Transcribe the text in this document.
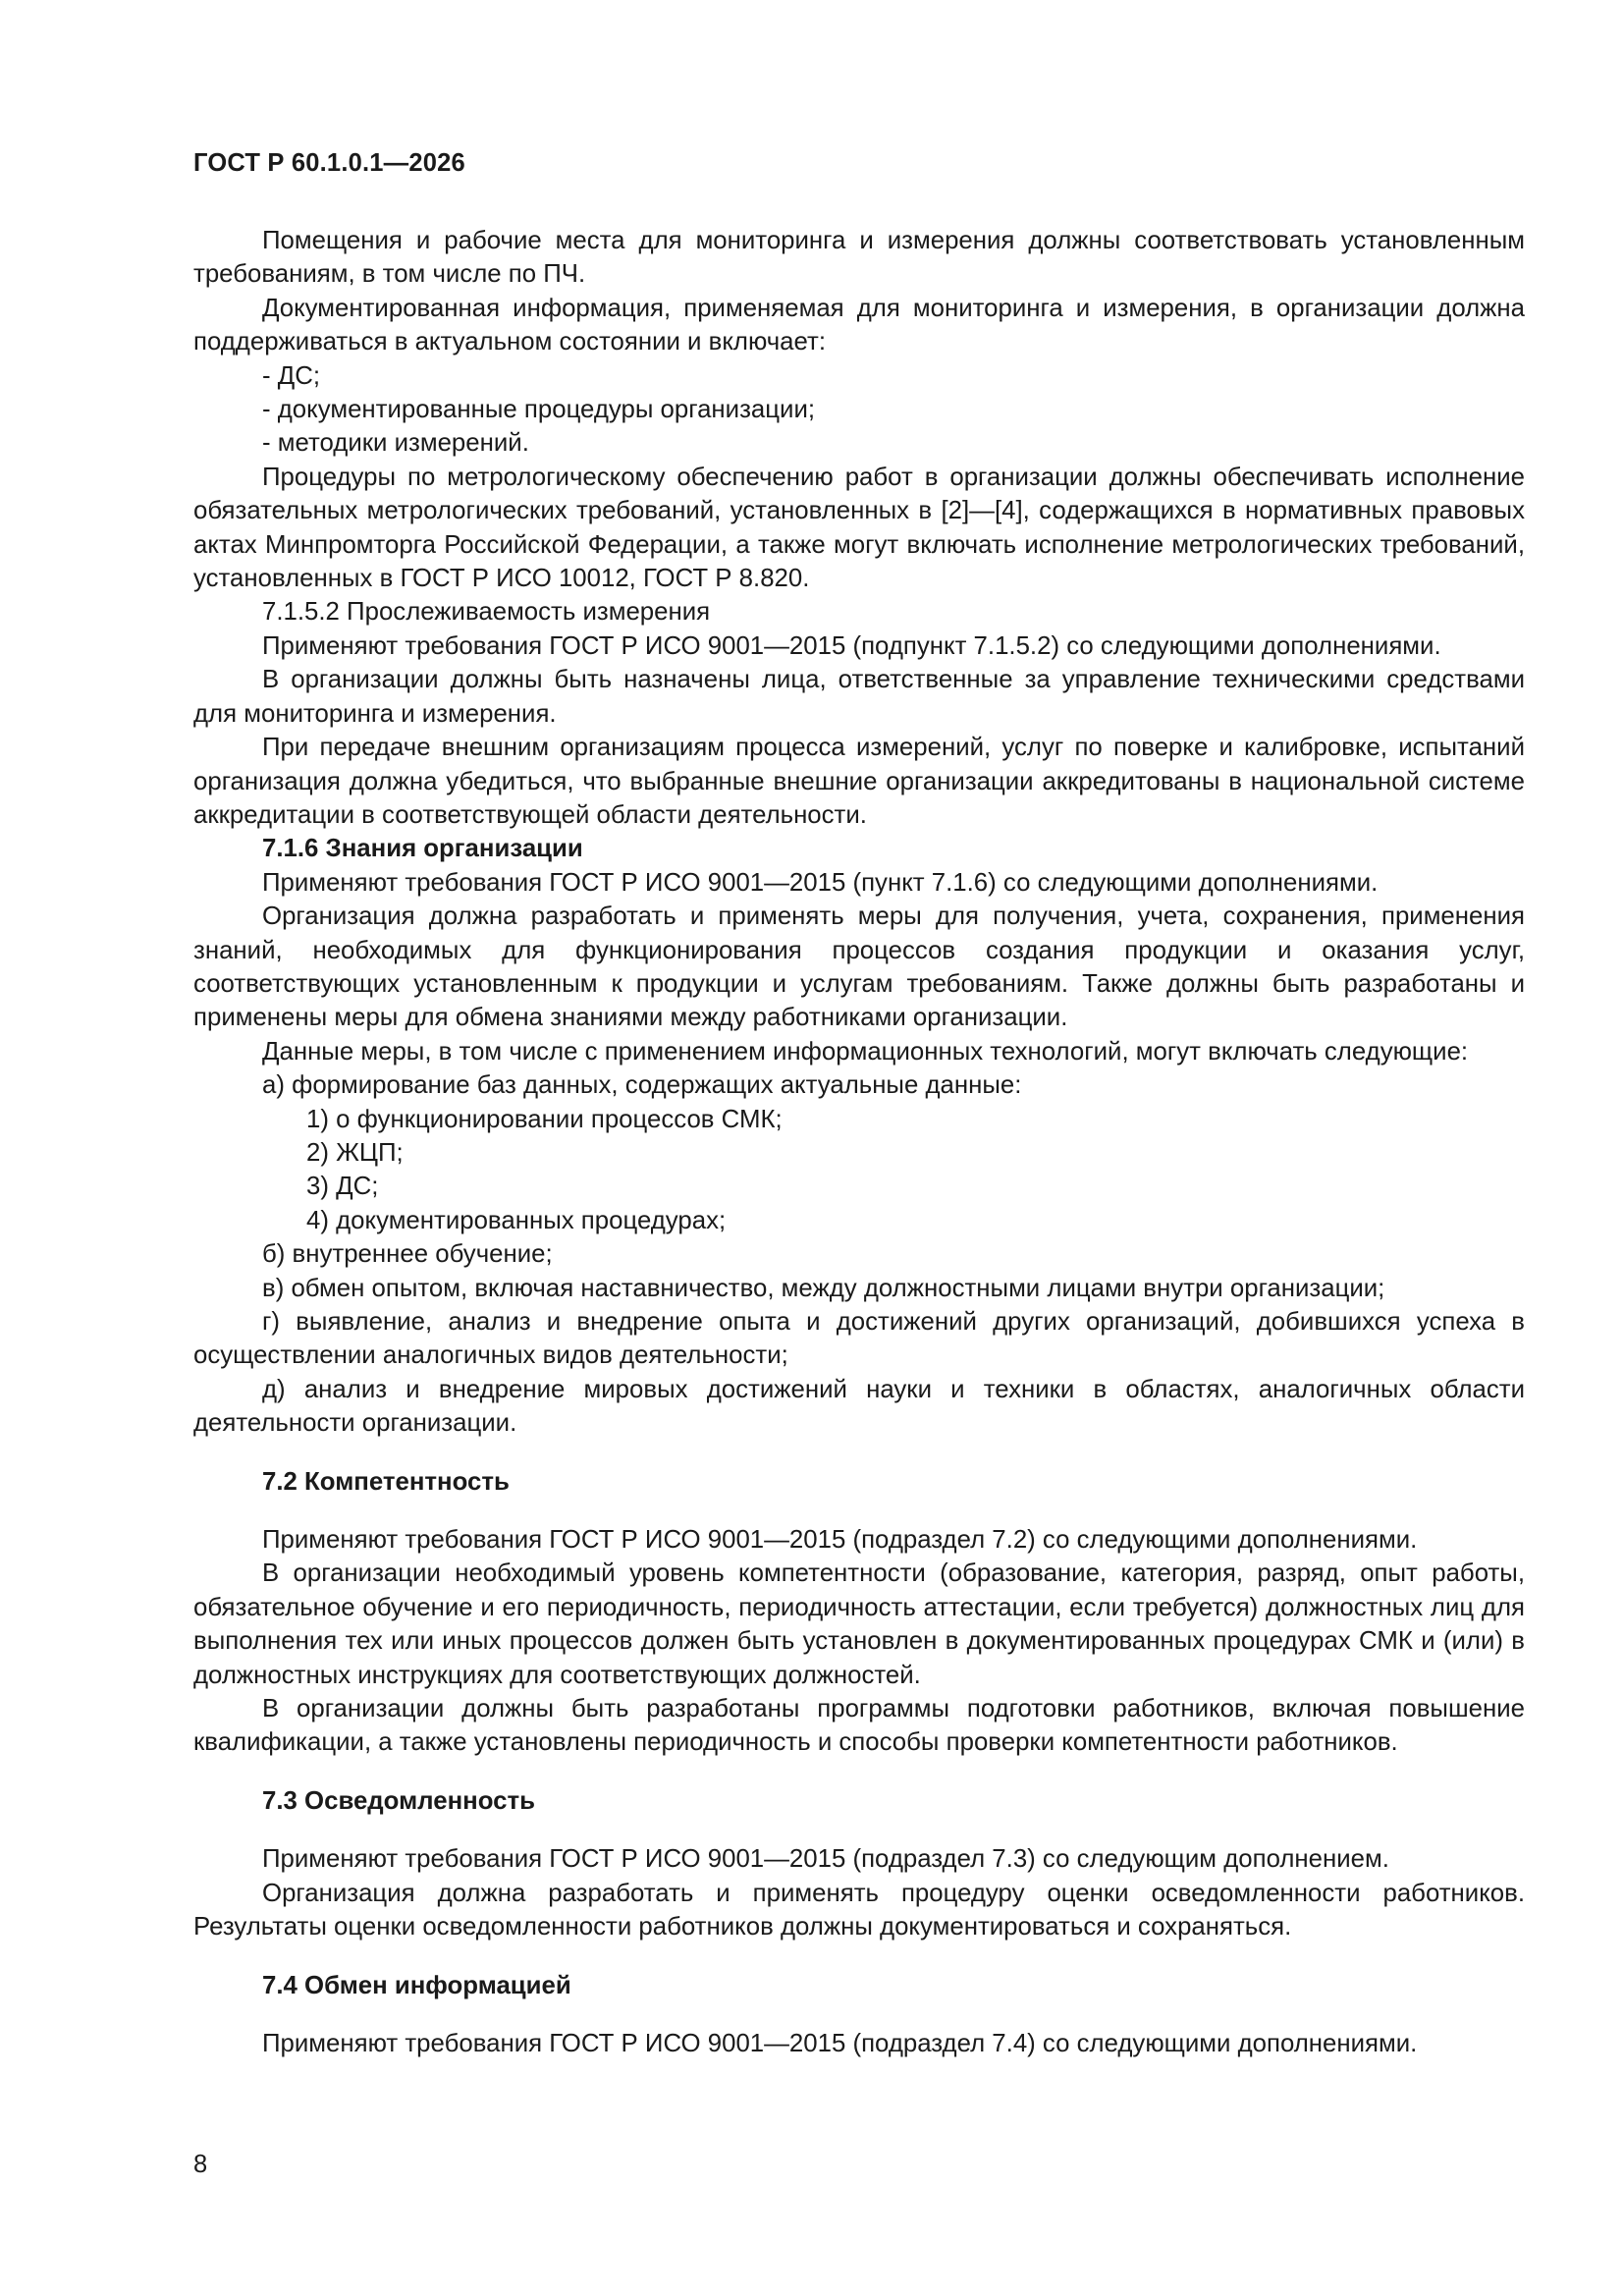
ГОСТ Р 60.1.0.1—2026

Помещения и рабочие места для мониторинга и измерения должны соответствовать установленным требованиям, в том числе по ПЧ.

Документированная информация, применяемая для мониторинга и измерения, в организации должна поддерживаться в актуальном состоянии и включает:

- ДС;

- документированные процедуры организации;

- методики измерений.

Процедуры по метрологическому обеспечению работ в организации должны обеспечивать исполнение обязательных метрологических требований, установленных в [2]—[4], содержащихся в нормативных правовых актах Минпромторга Российской Федерации, а также могут включать исполнение метрологических требований, установленных в ГОСТ Р ИСО 10012, ГОСТ Р 8.820.

7.1.5.2 Прослеживаемость измерения

Применяют требования ГОСТ Р ИСО 9001—2015 (подпункт 7.1.5.2) со следующими дополнениями.

В организации должны быть назначены лица, ответственные за управление техническими средствами для мониторинга и измерения.

При передаче внешним организациям процесса измерений, услуг по поверке и калибровке, испытаний организация должна убедиться, что выбранные внешние организации аккредитованы в национальной системе аккредитации в соответствующей области деятельности.

7.1.6 Знания организации

Применяют требования ГОСТ Р ИСО 9001—2015 (пункт 7.1.6) со следующими дополнениями.

Организация должна разработать и применять меры для получения, учета, сохранения, применения знаний, необходимых для функционирования процессов создания продукции и оказания услуг, соответствующих установленным к продукции и услугам требованиям. Также должны быть разработаны и применены меры для обмена знаниями между работниками организации.

Данные меры, в том числе с применением информационных технологий, могут включать следующие:

а) формирование баз данных, содержащих актуальные данные:

1) о функционировании процессов СМК;

2) ЖЦП;

3) ДС;

4) документированных процедурах;

б) внутреннее обучение;

в) обмен опытом, включая наставничество, между должностными лицами внутри организации;

г) выявление, анализ и внедрение опыта и достижений других организаций, добившихся успеха в осуществлении аналогичных видов деятельности;

д) анализ и внедрение мировых достижений науки и техники в областях, аналогичных области деятельности организации.

7.2 Компетентность

Применяют требования ГОСТ Р ИСО 9001—2015 (подраздел 7.2) со следующими дополнениями.

В организации необходимый уровень компетентности (образование, категория, разряд, опыт работы, обязательное обучение и его периодичность, периодичность аттестации, если требуется) должностных лиц для выполнения тех или иных процессов должен быть установлен в документированных процедурах СМК и (или) в должностных инструкциях для соответствующих должностей.

В организации должны быть разработаны программы подготовки работников, включая повышение квалификации, а также установлены периодичность и способы проверки компетентности работников.

7.3 Осведомленность

Применяют требования ГОСТ Р ИСО 9001—2015 (подраздел 7.3) со следующим дополнением.

Организация должна разработать и применять процедуру оценки осведомленности работников. Результаты оценки осведомленности работников должны документироваться и сохраняться.

7.4 Обмен информацией

Применяют требования ГОСТ Р ИСО 9001—2015 (подраздел 7.4) со следующими дополнениями.

8
